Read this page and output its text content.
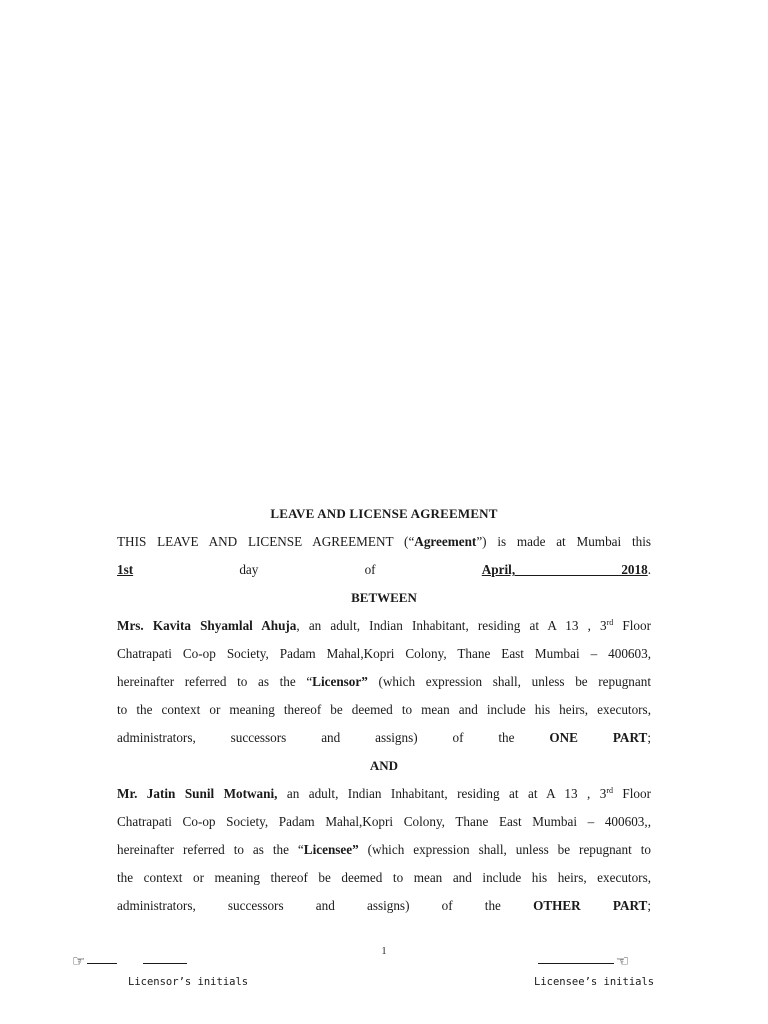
LEAVE AND LICENSE AGREEMENT
THIS LEAVE AND LICENSE AGREEMENT (“Agreement”) is made at Mumbai this
1st day of April, 2018.
BETWEEN
Mrs. Kavita Shyamlal Ahuja, an adult, Indian Inhabitant, residing at A 13 , 3rd Floor
Chatrapati Co-op Society, Padam Mahal,Kopri Colony, Thane East Mumbai – 400603,
hereinafter referred to as the “Licensor” (which expression shall, unless be repugnant
to the context or meaning thereof be deemed to mean and include his heirs, executors,
administrators, successors and assigns) of the ONE PART;
AND
Mr. Jatin Sunil Motwani, an adult, Indian Inhabitant, residing at at A 13 , 3rd Floor
Chatrapati Co-op Society, Padam Mahal,Kopri Colony, Thane East Mumbai – 400603,,
hereinafter referred to as the “Licensee” (which expression shall, unless be repugnant to
the context or meaning thereof be deemed to mean and include his heirs, executors,
administrators, successors and assigns) of the OTHER PART;
1
☞	☜
Licensor’s initials	Licensee’s initials
